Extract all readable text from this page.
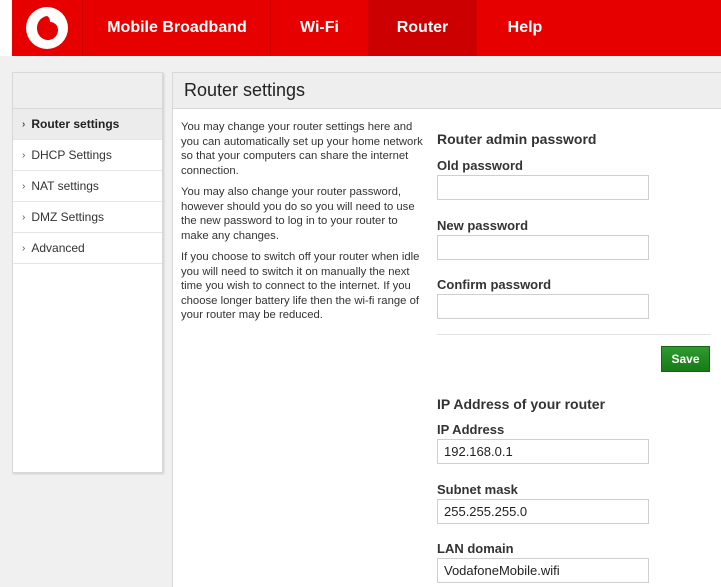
Mobile Broadband	Wi-Fi	Router	Help
› Router settings
› DHCP Settings
› NAT settings
› DMZ Settings
› Advanced
Router settings

You may change your router settings here and you can automatically set up your home network so that your computers can share the internet connection.

You may also change your router password, however should you do so you will need to use the new password to log in to your router to make any changes.

If you choose to switch off your router when idle you will need to switch it on manually the next time you wish to connect to the internet. If you choose longer battery life then the wi-fi range of your router may be reduced.

Router admin password
Old password
New password
Confirm password
Save
IP Address of your router
IP Address
192.168.0.1
Subnet mask
255.255.255.0
LAN domain
VodafoneMobile.wifi
